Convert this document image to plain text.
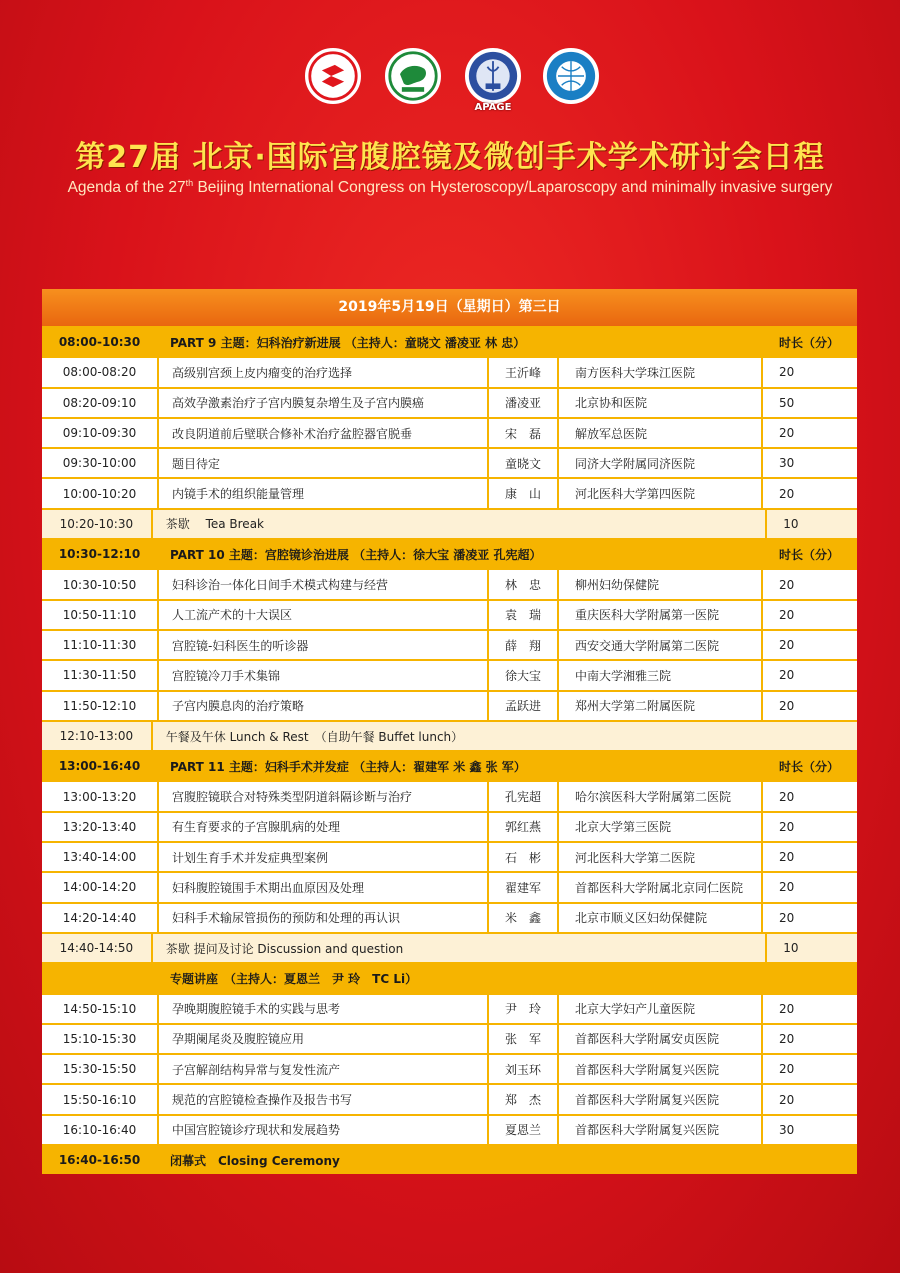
APAGE
第27届 北京·国际宫腹腔镜及微创手术学术研讨会日程
Agenda of the 27th Beijing International Congress on Hysteroscopy/Laparoscopy and minimally invasive surgery
2019年5月19日（星期日）第三日
08:00-10:30	PART 9 主题：妇科治疗新进展 （主持人：童晓文 潘凌亚 林 忠）	时长（分）
08:00-08:20	高级别宫颈上皮内瘤变的治疗选择	王沂峰	南方医科大学珠江医院	20
08:20-09:10	高效孕激素治疗子宫内膜复杂增生及子宫内膜癌	潘凌亚	北京协和医院	50
09:10-09:30	改良阴道前后壁联合修补术治疗盆腔器官脱垂	宋　磊	解放军总医院	20
09:30-10:00	题目待定	童晓文	同济大学附属同济医院	30
10:00-10:20	内镜手术的组织能量管理	康　山	河北医科大学第四医院	20
10:20-10:30	茶歇　 Tea Break	10
10:30-12:10	PART 10 主题：宫腔镜诊治进展 （主持人：徐大宝 潘凌亚 孔宪超）	时长（分）
10:30-10:50	妇科诊治一体化日间手术模式构建与经营	林　忠	柳州妇幼保健院	20
10:50-11:10	人工流产术的十大误区	袁　瑞	重庆医科大学附属第一医院	20
11:10-11:30	宫腔镜-妇科医生的听诊器	薛　翔	西安交通大学附属第二医院	20
11:30-11:50	宫腔镜冷刀手术集锦	徐大宝	中南大学湘雅三院	20
11:50-12:10	子宫内膜息肉的治疗策略	孟跃进	郑州大学第二附属医院	20
12:10-13:00	午餐及午休 Lunch & Rest　（自助午餐 Buffet lunch）
13:00-16:40	PART 11 主题：妇科手术并发症 （主持人：翟建军 米 鑫 张 军）	时长（分）
13:00-13:20	宫腹腔镜联合对特殊类型阴道斜隔诊断与治疗	孔宪超	哈尔滨医科大学附属第二医院	20
13:20-13:40	有生育要求的子宫腺肌病的处理	郭红燕	北京大学第三医院	20
13:40-14:00	计划生育手术并发症典型案例	石　彬	河北医科大学第二医院	20
14:00-14:20	妇科腹腔镜围手术期出血原因及处理	翟建军	首都医科大学附属北京同仁医院	20
14:20-14:40	妇科手术输尿管损伤的预防和处理的再认识	米　鑫	北京市顺义区妇幼保健院	20
14:40-14:50	茶歇 提问及讨论 Discussion and question	10
专题讲座　（主持人：夏恩兰　尹 玲　TC Li）
14:50-15:10	孕晚期腹腔镜手术的实践与思考	尹　玲	北京大学妇产儿童医院	20
15:10-15:30	孕期阑尾炎及腹腔镜应用	张　军	首都医科大学附属安贞医院	20
15:30-15:50	子宫解剖结构异常与复发性流产	刘玉环	首都医科大学附属复兴医院	20
15:50-16:10	规范的宫腔镜检查操作及报告书写	郑　杰	首都医科大学附属复兴医院	20
16:10-16:40	中国宫腔镜诊疗现状和发展趋势	夏恩兰	首都医科大学附属复兴医院	30
16:40-16:50	闭幕式　Closing Ceremony
